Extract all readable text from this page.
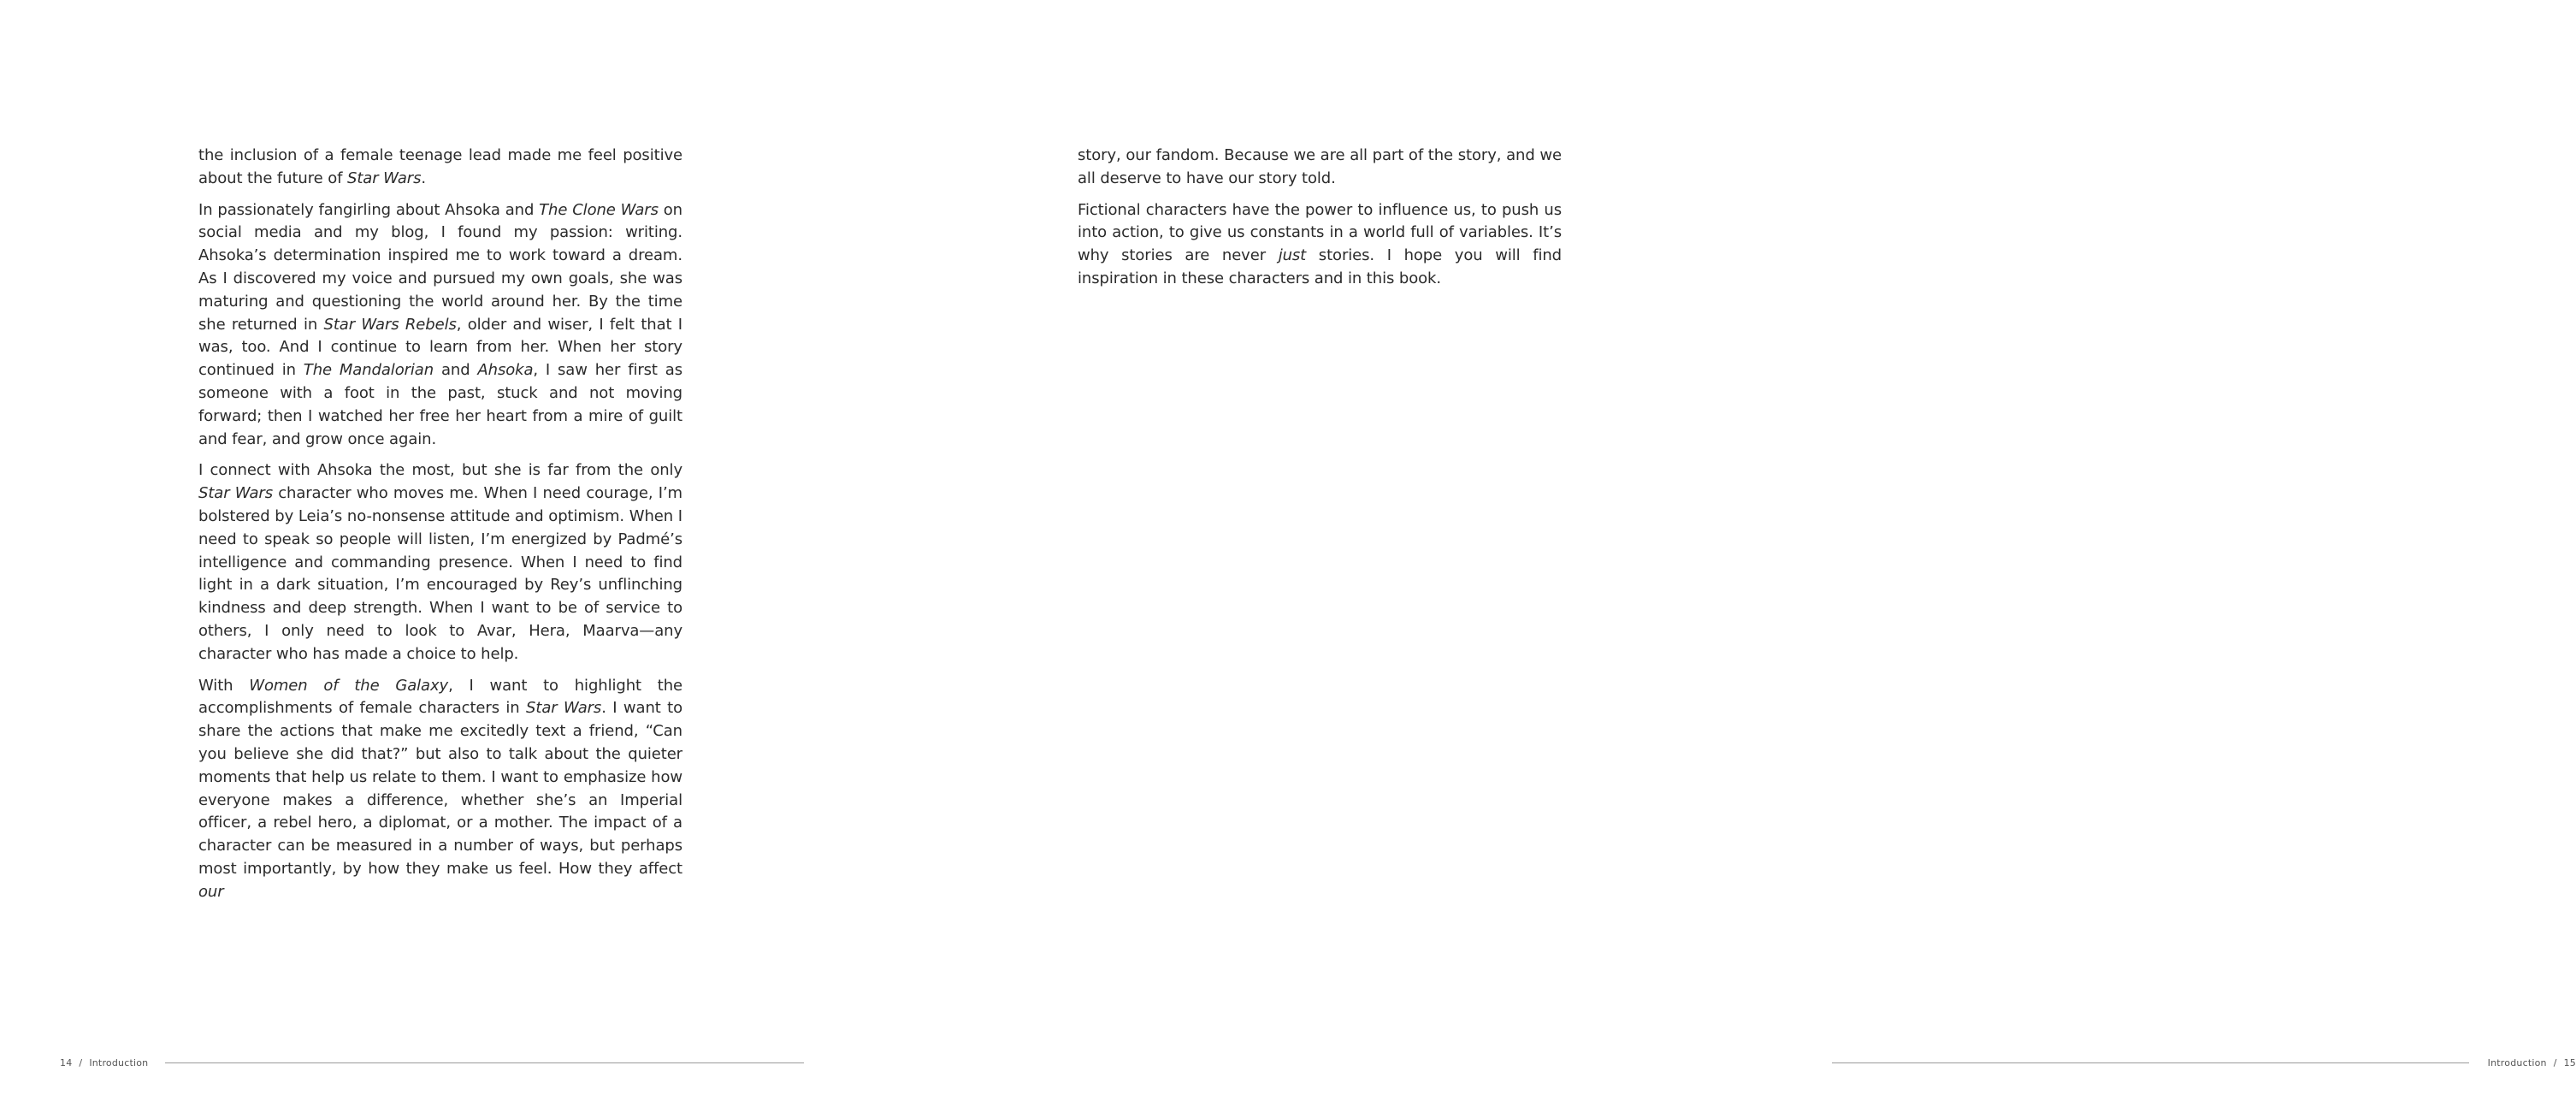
the inclusion of a female teenage lead made me feel positive about the future of Star Wars.

In passionately fangirling about Ahsoka and The Clone Wars on social media and my blog, I found my passion: writing. Ahsoka’s determination inspired me to work toward a dream. As I discovered my voice and pursued my own goals, she was maturing and questioning the world around her. By the time she returned in Star Wars Rebels, older and wiser, I felt that I was, too. And I continue to learn from her. When her story continued in The Mandalorian and Ahsoka, I saw her first as someone with a foot in the past, stuck and not moving forward; then I watched her free her heart from a mire of guilt and fear, and grow once again.

I connect with Ahsoka the most, but she is far from the only Star Wars character who moves me. When I need courage, I’m bolstered by Leia’s no-nonsense attitude and optimism. When I need to speak so people will listen, I’m energized by Padmé’s intelligence and commanding presence. When I need to find light in a dark situation, I’m encouraged by Rey’s unflinching kindness and deep strength. When I want to be of service to others, I only need to look to Avar, Hera, Maarva—any character who has made a choice to help.

With Women of the Galaxy, I want to highlight the accomplishments of female characters in Star Wars. I want to share the actions that make me excitedly text a friend, “Can you believe she did that?” but also to talk about the quieter moments that help us relate to them. I want to emphasize how everyone makes a difference, whether she’s an Imperial officer, a rebel hero, a diplomat, or a mother. The impact of a character can be measured in a number of ways, but perhaps most importantly, by how they make us feel. How they affect our

14 / Introduction

story, our fandom. Because we are all part of the story, and we all deserve to have our story told.

Fictional characters have the power to influence us, to push us into action, to give us constants in a world full of variables. It’s why stories are never just stories. I hope you will find inspiration in these characters and in this book.

Introduction / 15
